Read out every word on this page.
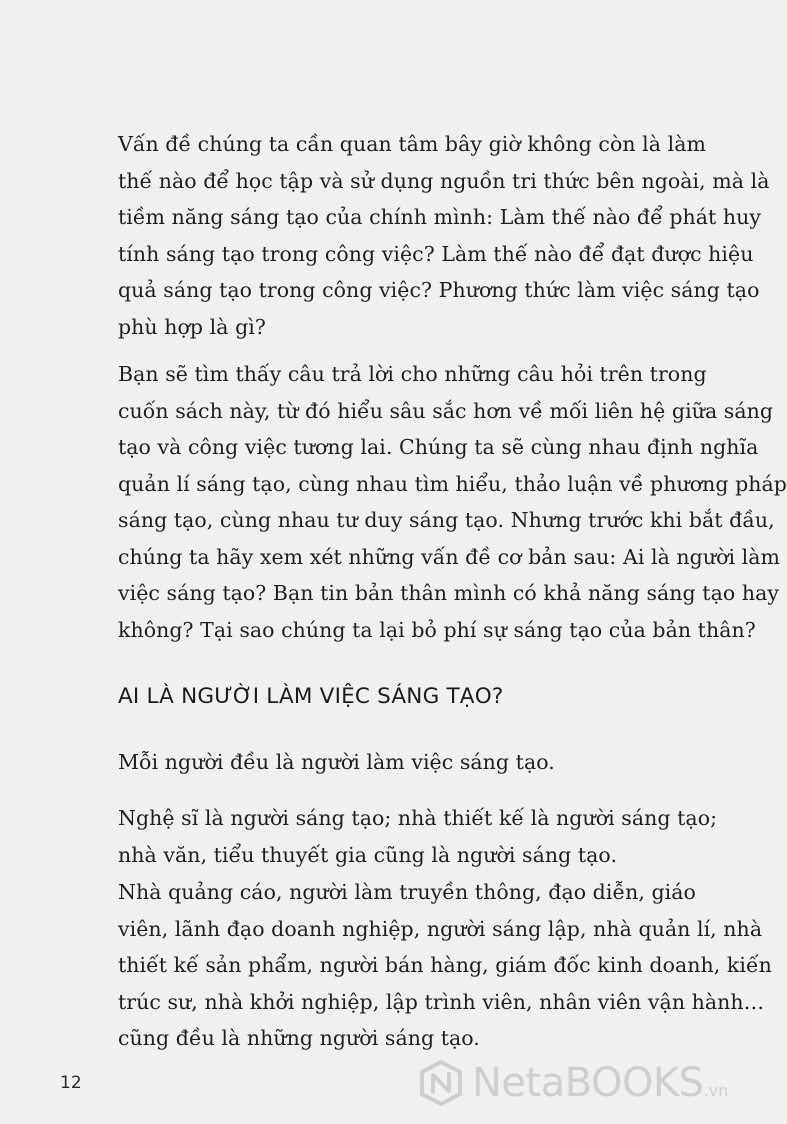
Vấn đề chúng ta cần quan tâm bây giờ không còn là làm
thế nào để học tập và sử dụng nguồn tri thức bên ngoài, mà là
tiềm năng sáng tạo của chính mình: Làm thế nào để phát huy
tính sáng tạo trong công việc? Làm thế nào để đạt được hiệu
quả sáng tạo trong công việc? Phương thức làm việc sáng tạo
phù hợp là gì?
Bạn sẽ tìm thấy câu trả lời cho những câu hỏi trên trong
cuốn sách này, từ đó hiểu sâu sắc hơn về mối liên hệ giữa sáng
tạo và công việc tương lai. Chúng ta sẽ cùng nhau định nghĩa
quản lí sáng tạo, cùng nhau tìm hiểu, thảo luận về phương pháp
sáng tạo, cùng nhau tư duy sáng tạo. Nhưng trước khi bắt đầu,
chúng ta hãy xem xét những vấn đề cơ bản sau: Ai là người làm
việc sáng tạo? Bạn tin bản thân mình có khả năng sáng tạo hay
không? Tại sao chúng ta lại bỏ phí sự sáng tạo của bản thân?
AI LÀ NGƯỜI LÀM VIỆC SÁNG TẠO?
Mỗi người đều là người làm việc sáng tạo.
Nghệ sĩ là người sáng tạo; nhà thiết kế là người sáng tạo;
nhà văn, tiểu thuyết gia cũng là người sáng tạo.
Nhà quảng cáo, người làm truyền thông, đạo diễn, giáo
viên, lãnh đạo doanh nghiệp, người sáng lập, nhà quản lí, nhà
thiết kế sản phẩm, người bán hàng, giám đốc kinh doanh, kiến
trúc sư, nhà khởi nghiệp, lập trình viên, nhân viên vận hành…
cũng đều là những người sáng tạo.
12	NetaBOOKS.vn
